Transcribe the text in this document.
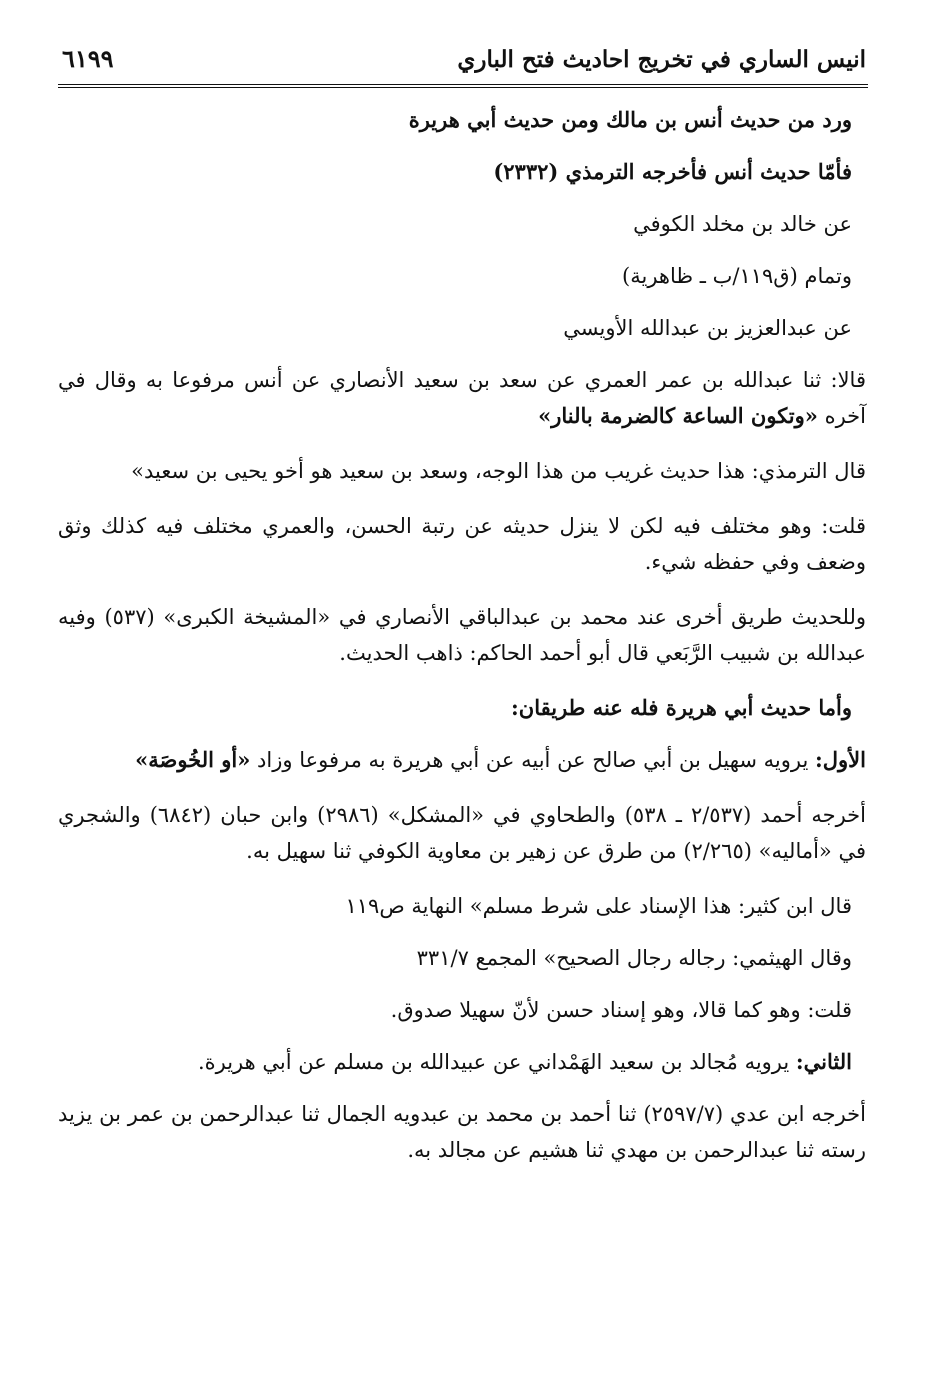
انيس الساري في تخريج احاديث فتح الباري
٦١٩٩

ورد من حديث أنس بن مالك ومن حديث أبي هريرة

فأمّا حديث أنس فأخرجه الترمذي (٢٣٣٢)

عن خالد بن مخلد الكوفي

وتمام (ق١١٩/ب ـ ظاهرية)

عن عبدالعزيز بن عبدالله الأويسي

قالا: ثنا عبدالله بن عمر العمري عن سعد بن سعيد الأنصاري عن أنس مرفوعا به وقال في آخره «وتكون الساعة كالضرمة بالنار»

قال الترمذي: هذا حديث غريب من هذا الوجه، وسعد بن سعيد هو أخو يحيى بن سعيد»

قلت: وهو مختلف فيه لكن لا ينزل حديثه عن رتبة الحسن، والعمري مختلف فيه كذلك وثق وضعف وفي حفظه شيء.

وللحديث طريق أخرى عند محمد بن عبدالباقي الأنصاري في «المشيخة الكبرى» (٥٣٧) وفيه عبدالله بن شبيب الرَّبَعي قال أبو أحمد الحاكم: ذاهب الحديث.

وأما حديث أبي هريرة فله عنه طريقان:

الأول: يرويه سهيل بن أبي صالح عن أبيه عن أبي هريرة به مرفوعا وزاد «أو الخُوصَة»

أخرجه أحمد (٢/٥٣٧ ـ ٥٣٨) والطحاوي في «المشكل» (٢٩٨٦) وابن حبان (٦٨٤٢) والشجري في «أماليه» (٢/٢٦٥) من طرق عن زهير بن معاوية الكوفي ثنا سهيل به.

قال ابن كثير: هذا الإسناد على شرط مسلم» النهاية ص١١٩

وقال الهيثمي: رجاله رجال الصحيح» المجمع ٣٣١/٧

قلت: وهو كما قالا، وهو إسناد حسن لأنّ سهيلا صدوق.

الثاني: يرويه مُجالد بن سعيد الهَمْداني عن عبيدالله بن مسلم عن أبي هريرة.

أخرجه ابن عدي (٢٥٩٧/٧) ثنا أحمد بن محمد بن عبدويه الجمال ثنا عبدالرحمن بن عمر بن يزيد رسته ثنا عبدالرحمن بن مهدي ثنا هشيم عن مجالد به.
